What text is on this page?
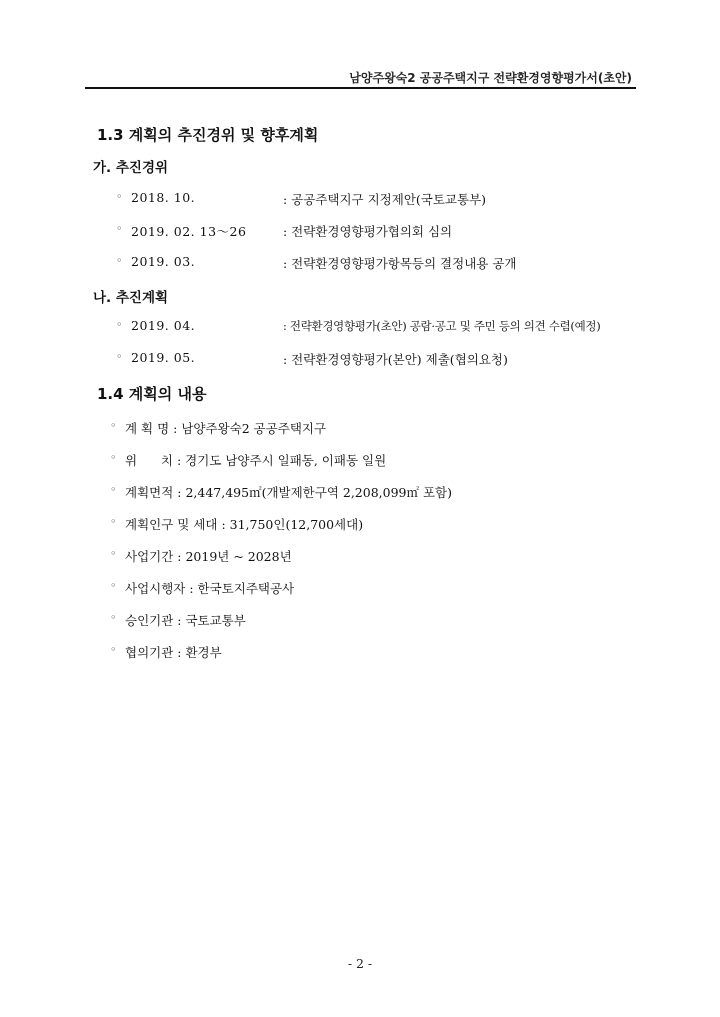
남양주왕숙2 공공주택지구 전략환경영향평가서(초안)
1.3 계획의 추진경위 및 향후계획
가. 추진경위
◦ 2018. 10.	: 공공주택지구 지정제안(국토교통부)
◦ 2019. 02. 13～26	: 전략환경영향평가협의회 심의
◦ 2019. 03.	: 전략환경영향평가항목등의 결정내용 공개
나. 추진계획
◦ 2019. 04.	: 전략환경영향평가(초안) 공람·공고 및 주민 등의 의견 수렴(예정)
◦ 2019. 05.	: 전략환경영향평가(본안) 제출(협의요청)
1.4 계획의 내용
◦ 계 획 명 : 남양주왕숙2 공공주택지구
◦ 위      치 : 경기도 남양주시 일패동, 이패동 일원
◦ 계획면적 : 2,447,495㎡(개발제한구역 2,208,099㎡ 포함)
◦ 계획인구 및 세대 : 31,750인(12,700세대)
◦ 사업기간 : 2019년 ~ 2028년
◦ 사업시행자 : 한국토지주택공사
◦ 승인기관 : 국토교통부
◦ 협의기관 : 환경부
- 2 -
